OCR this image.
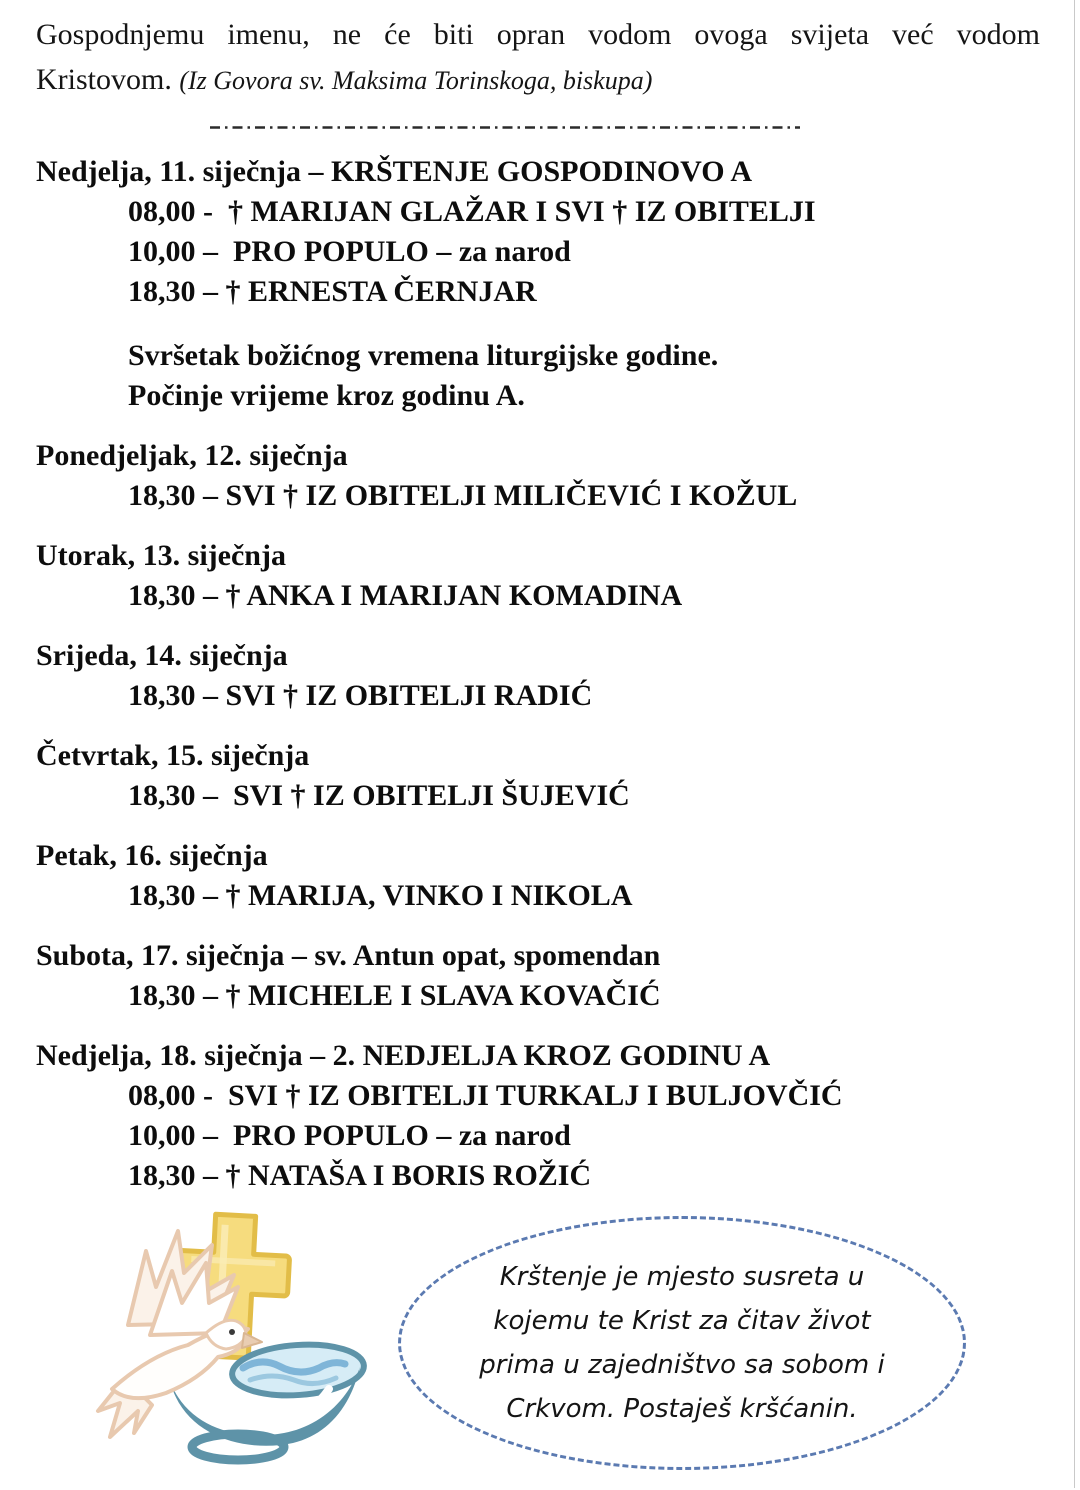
Gospodnjemu imenu, ne će biti opran vodom ovoga svijeta već vodom
Kristovom. (Iz Govora sv. Maksima Torinskoga, biskupa)
Nedjelja, 11. siječnja – KRŠTENJE GOSPODINOVO A
08,00 -  † MARIJAN GLAŽAR I SVI † IZ OBITELJI
10,00 –  PRO POPULO – za narod
18,30 – † ERNESTA ČERNJAR
Svršetak božićnog vremena liturgijske godine.
Počinje vrijeme kroz godinu A.
Ponedjeljak, 12. siječnja
18,30 – SVI † IZ OBITELJI MILIČEVIĆ I KOŽUL
Utorak, 13. siječnja
18,30 – † ANKA I MARIJAN KOMADINA
Srijeda, 14. siječnja
18,30 – SVI † IZ OBITELJI RADIĆ
Četvrtak, 15. siječnja
18,30 –  SVI † IZ OBITELJI ŠUJEVIĆ
Petak, 16. siječnja
18,30 – † MARIJA, VINKO I NIKOLA
Subota, 17. siječnja – sv. Antun opat, spomendan
18,30 – † MICHELE I SLAVA KOVAČIĆ
Nedjelja, 18. siječnja – 2. NEDJELJA KROZ GODINU A
08,00 -  SVI † IZ OBITELJI TURKALJ I BULJOVČIĆ
10,00 –  PRO POPULO – za narod
18,30 – † NATAŠA I BORIS ROŽIĆ
Krštenje je mjesto susreta u
kojemu te Krist za čitav život
prima u zajedništvo sa sobom i
Crkvom. Postaješ kršćanin.
